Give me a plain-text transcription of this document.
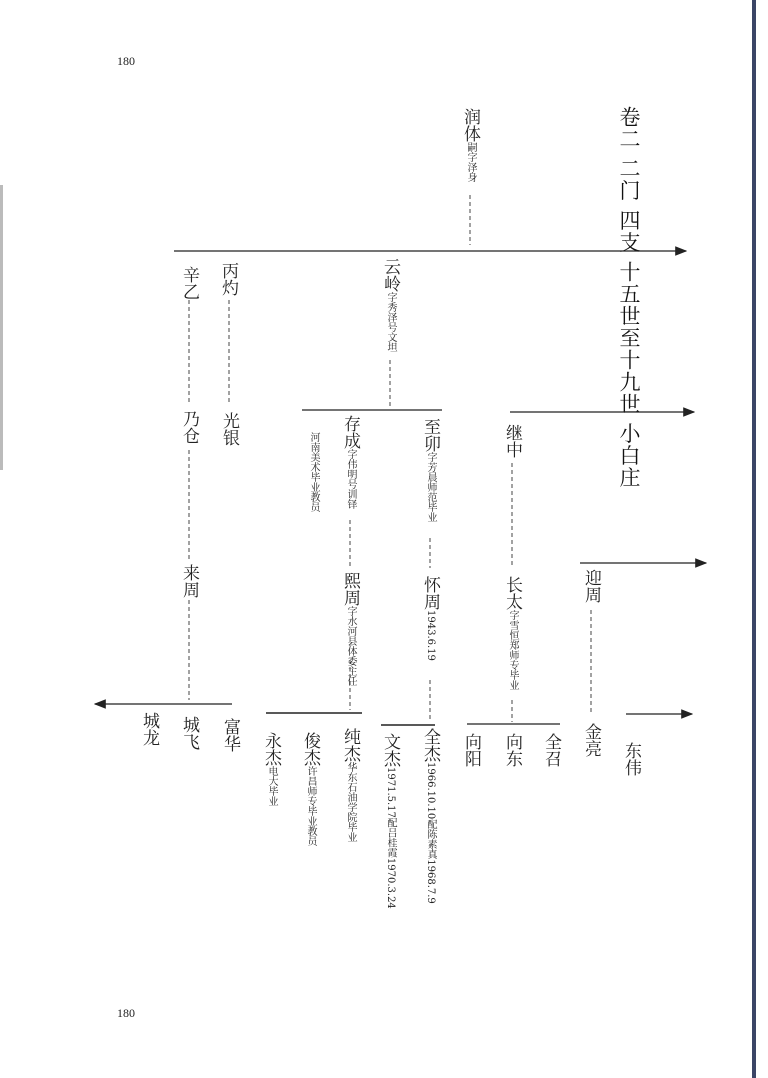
180
180
卷二 二门 四支 十五世至十九世 小白庄
润体嗣字泽身
丙灼
辛乙	云岭字秀泽号文坦
光银
乃仓	存成字伟明号训铎
河南美术毕业教员	至卯字芳晨师范毕业
继中
来周	熙周字水河县体委主任
怀周1943.6.19
长太字雪恒郑师专毕业
迎周
城龙 城飞 富华 永杰电大毕业
俊杰许昌师专毕业教员
纯杰华东石油学院毕业
文杰1971.5.17配吕桂霞1970.3.24
全杰1966.10.10配陈素真1968.7.9
向阳 向东 全召 金亮
东伟
